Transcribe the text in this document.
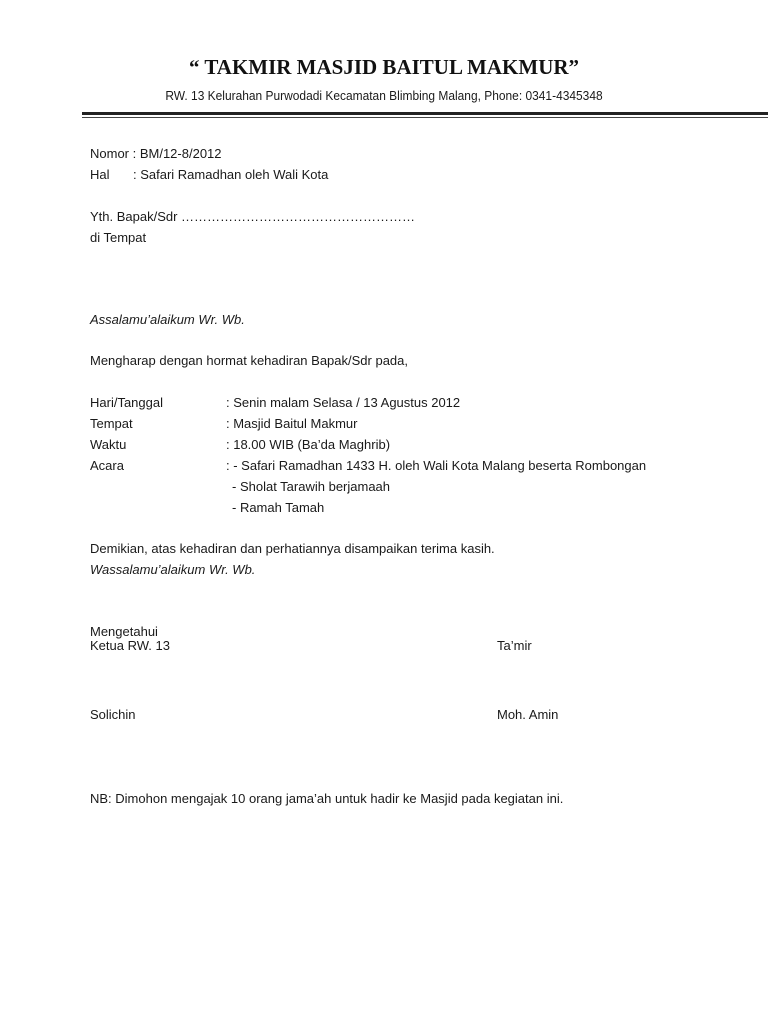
“ TAKMIR MASJID BAITUL MAKMUR”
RW. 13 Kelurahan Purwodadi Kecamatan Blimbing Malang, Phone: 0341-4345348
Nomor : BM/12-8/2012
Hal : Safari Ramadhan oleh Wali Kota
Yth. Bapak/Sdr ………………………………………………
di Tempat
Assalamu’alaikum Wr. Wb.
Mengharap dengan hormat kehadiran Bapak/Sdr pada,
Hari/Tanggal	: Senin malam Selasa / 13 Agustus 2012
Tempat	: Masjid Baitul Makmur
Waktu	: 18.00 WIB (Ba’da Maghrib)
Acara	: - Safari Ramadhan 1433 H. oleh Wali Kota Malang beserta Rombongan
- Sholat Tarawih berjamaah
- Ramah Tamah
Demikian, atas kehadiran dan perhatiannya disampaikan terima kasih.
Wassalamu’alaikum Wr. Wb.
Mengetahui
Ketua RW. 13	Ta’mir
Solichin	Moh. Amin
NB: Dimohon mengajak 10 orang jama’ah untuk hadir ke Masjid pada kegiatan ini.
